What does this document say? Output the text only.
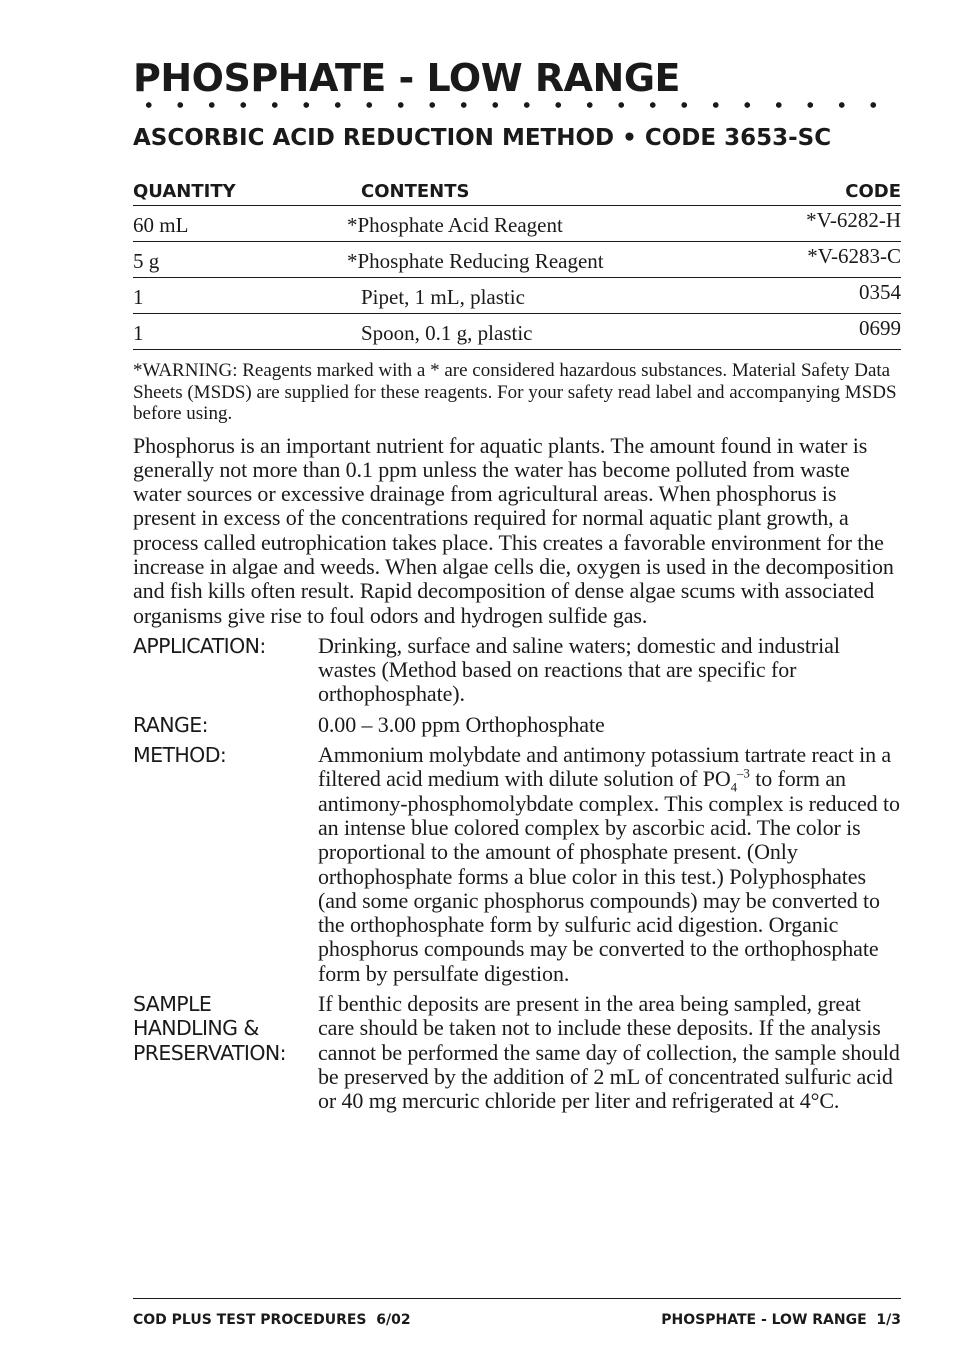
PHOSPHATE - LOW RANGE
ASCORBIC ACID REDUCTION METHOD • CODE 3653-SC
QUANTITY	CONTENTS	CODE

60 mL	*Phosphate Acid Reagent	*V-6282-H

5 g	*Phosphate Reducing Reagent	*V-6283-C

1	Pipet, 1 mL, plastic	0354

1	Spoon, 0.1 g, plastic	0699
*WARNING: Reagents marked with a * are considered hazardous substances. Material Safety Data Sheets (MSDS) are supplied for these reagents. For your safety read label and accompanying MSDS before using.
Phosphorus is an important nutrient for aquatic plants. The amount found in water is generally not more than 0.1 ppm unless the water has become polluted from waste water sources or excessive drainage from agricultural areas. When phosphorus is present in excess of the concentrations required for normal aquatic plant growth, a process called eutrophication takes place. This creates a favorable environment for the increase in algae and weeds. When algae cells die, oxygen is used in the decomposition and fish kills often result. Rapid decomposition of dense algae scums with associated organisms give rise to foul odors and hydrogen sulfide gas.
APPLICATION:	Drinking, surface and saline waters; domestic and industrial wastes (Method based on reactions that are specific for orthophosphate).
RANGE:	0.00 – 3.00 ppm Orthophosphate
METHOD:	Ammonium molybdate and antimony potassium tartrate react in a filtered acid medium with dilute solution of $PO_4^{-3}$ to form an antimony-phosphomolybdate complex. This complex is reduced to an intense blue colored complex by ascorbic acid. The color is proportional to the amount of phosphate present. (Only orthophosphate forms a blue color in this test.) Polyphosphates (and some organic phosphorus compounds) may be converted to the orthophosphate form by sulfuric acid digestion. Organic phosphorus compounds may be converted to the orthophosphate form by persulfate digestion.
SAMPLE
HANDLING &
PRESERVATION:
If benthic deposits are present in the area being sampled, great care should be taken not to include these deposits. If the analysis cannot be performed the same day of collection, the sample should be preserved by the addition of 2 mL of concentrated sulfuric acid or 40 mg mercuric chloride per liter and refrigerated at 4°C.
COD PLUS TEST PROCEDURES  6/02	PHOSPHATE - LOW RANGE  1/3
